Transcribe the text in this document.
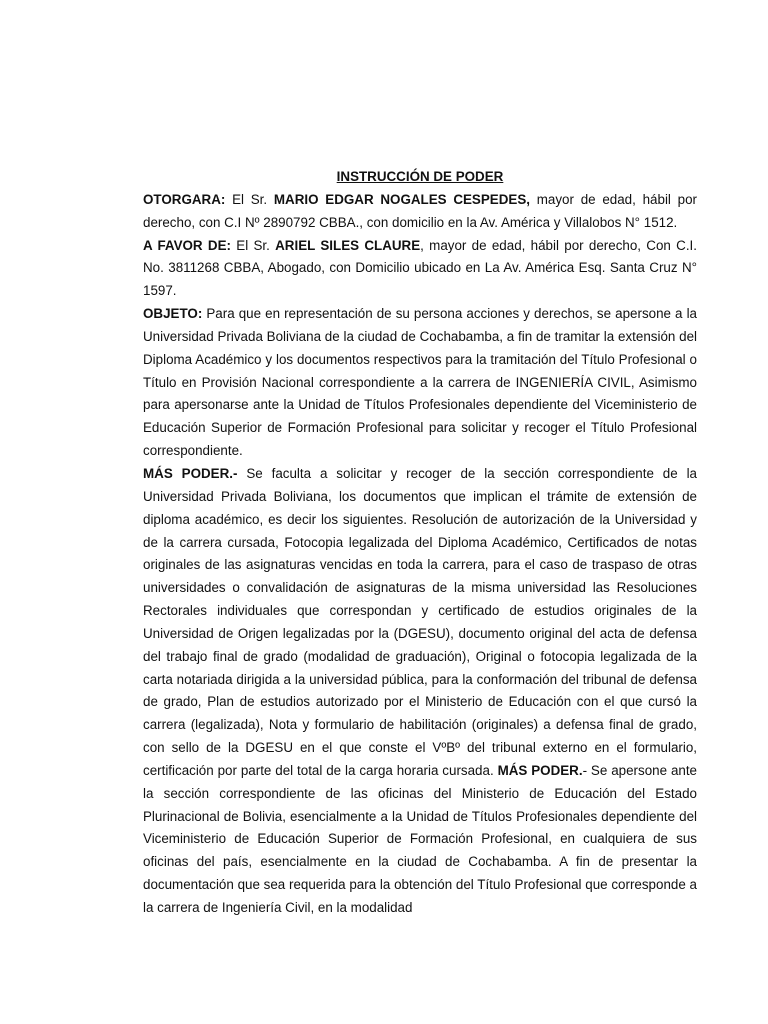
INSTRUCCIÓN DE PODER

OTORGARA: El Sr. MARIO EDGAR NOGALES CESPEDES, mayor de edad, hábil por derecho, con C.I Nº 2890792 CBBA., con domicilio en la Av. América y Villalobos N° 1512.

A FAVOR DE: El Sr. ARIEL SILES CLAURE, mayor de edad, hábil por derecho, Con C.I. No. 3811268 CBBA, Abogado, con Domicilio ubicado en La Av. América Esq. Santa Cruz N° 1597.

OBJETO: Para que en representación de su persona acciones y derechos, se apersone a la Universidad Privada Boliviana de la ciudad de Cochabamba, a fin de tramitar la extensión del Diploma Académico y los documentos respectivos para la tramitación del Título Profesional o Título en Provisión Nacional correspondiente a la carrera de INGENIERÍA CIVIL, Asimismo para apersonarse ante la Unidad de Títulos Profesionales dependiente del Viceministerio de Educación Superior de Formación Profesional para solicitar y recoger el Título Profesional correspondiente.

MÁS PODER.- Se faculta a solicitar y recoger de la sección correspondiente de la Universidad Privada Boliviana, los documentos que implican el trámite de extensión de diploma académico, es decir los siguientes. Resolución de autorización de la Universidad y de la carrera cursada, Fotocopia legalizada del Diploma Académico, Certificados de notas originales de las asignaturas vencidas en toda la carrera, para el caso de traspaso de otras universidades o convalidación de asignaturas de la misma universidad las Resoluciones Rectorales individuales que correspondan y certificado de estudios originales de la Universidad de Origen legalizadas por la (DGESU), documento original del acta de defensa del trabajo final de grado (modalidad de graduación), Original o fotocopia legalizada de la carta notariada dirigida a la universidad pública, para la conformación del tribunal de defensa de grado, Plan de estudios autorizado por el Ministerio de Educación con el que cursó la carrera (legalizada), Nota y formulario de habilitación (originales) a defensa final de grado, con sello de la DGESU en el que conste el VºBº del tribunal externo en el formulario, certificación por parte del total de la carga horaria cursada. MÁS PODER.- Se apersone ante la sección correspondiente de las oficinas del Ministerio de Educación del Estado Plurinacional de Bolivia, esencialmente a la Unidad de Títulos Profesionales dependiente del Viceministerio de Educación Superior de Formación Profesional, en cualquiera de sus oficinas del país, esencialmente en la ciudad de Cochabamba. A fin de presentar la documentación que sea requerida para la obtención del Título Profesional que corresponde a la carrera de Ingeniería Civil, en la modalidad
